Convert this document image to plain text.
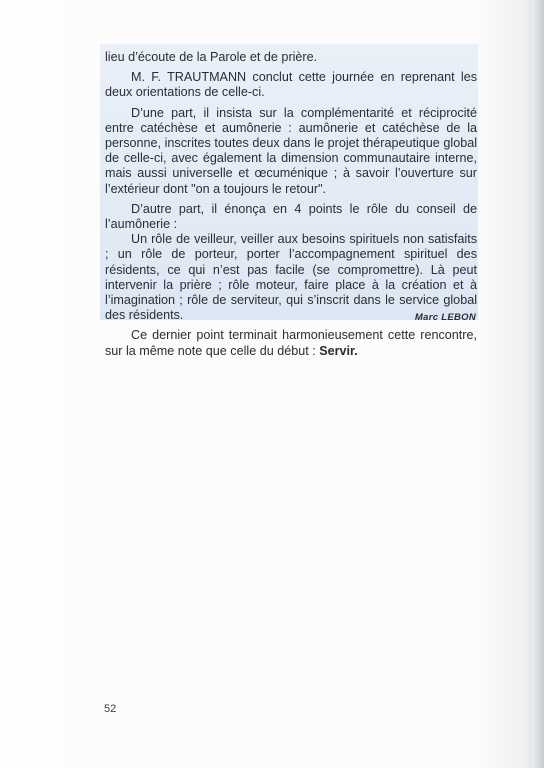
lieu d’écoute de la Parole et de prière.

M. F. TRAUTMANN conclut cette journée en reprenant les deux orientations de celle-ci.

D’une part, il insista sur la complémentarité et réciprocité entre catéchèse et aumônerie : aumônerie et catéchèse de la personne, inscrites toutes deux dans le projet thérapeutique global de celle-ci, avec également la dimension communautaire interne, mais aussi universelle et œcuménique ; à savoir l’ouverture sur l’extérieur dont "on a toujours le retour".

D’autre part, il énonça en 4 points le rôle du conseil de l’aumônerie :

Un rôle de veilleur, veiller aux besoins spirituels non satisfaits ; un rôle de porteur, porter l’accompagnement spirituel des résidents, ce qui n’est pas facile (se compromettre). Là peut intervenir la prière ; rôle moteur, faire place à la création et à l’imagination ; rôle de serviteur, qui s’inscrit dans le service global des résidents.

Ce dernier point terminait harmonieusement cette rencontre, sur la même note que celle du début : Servir.

Marc LEBON
52
